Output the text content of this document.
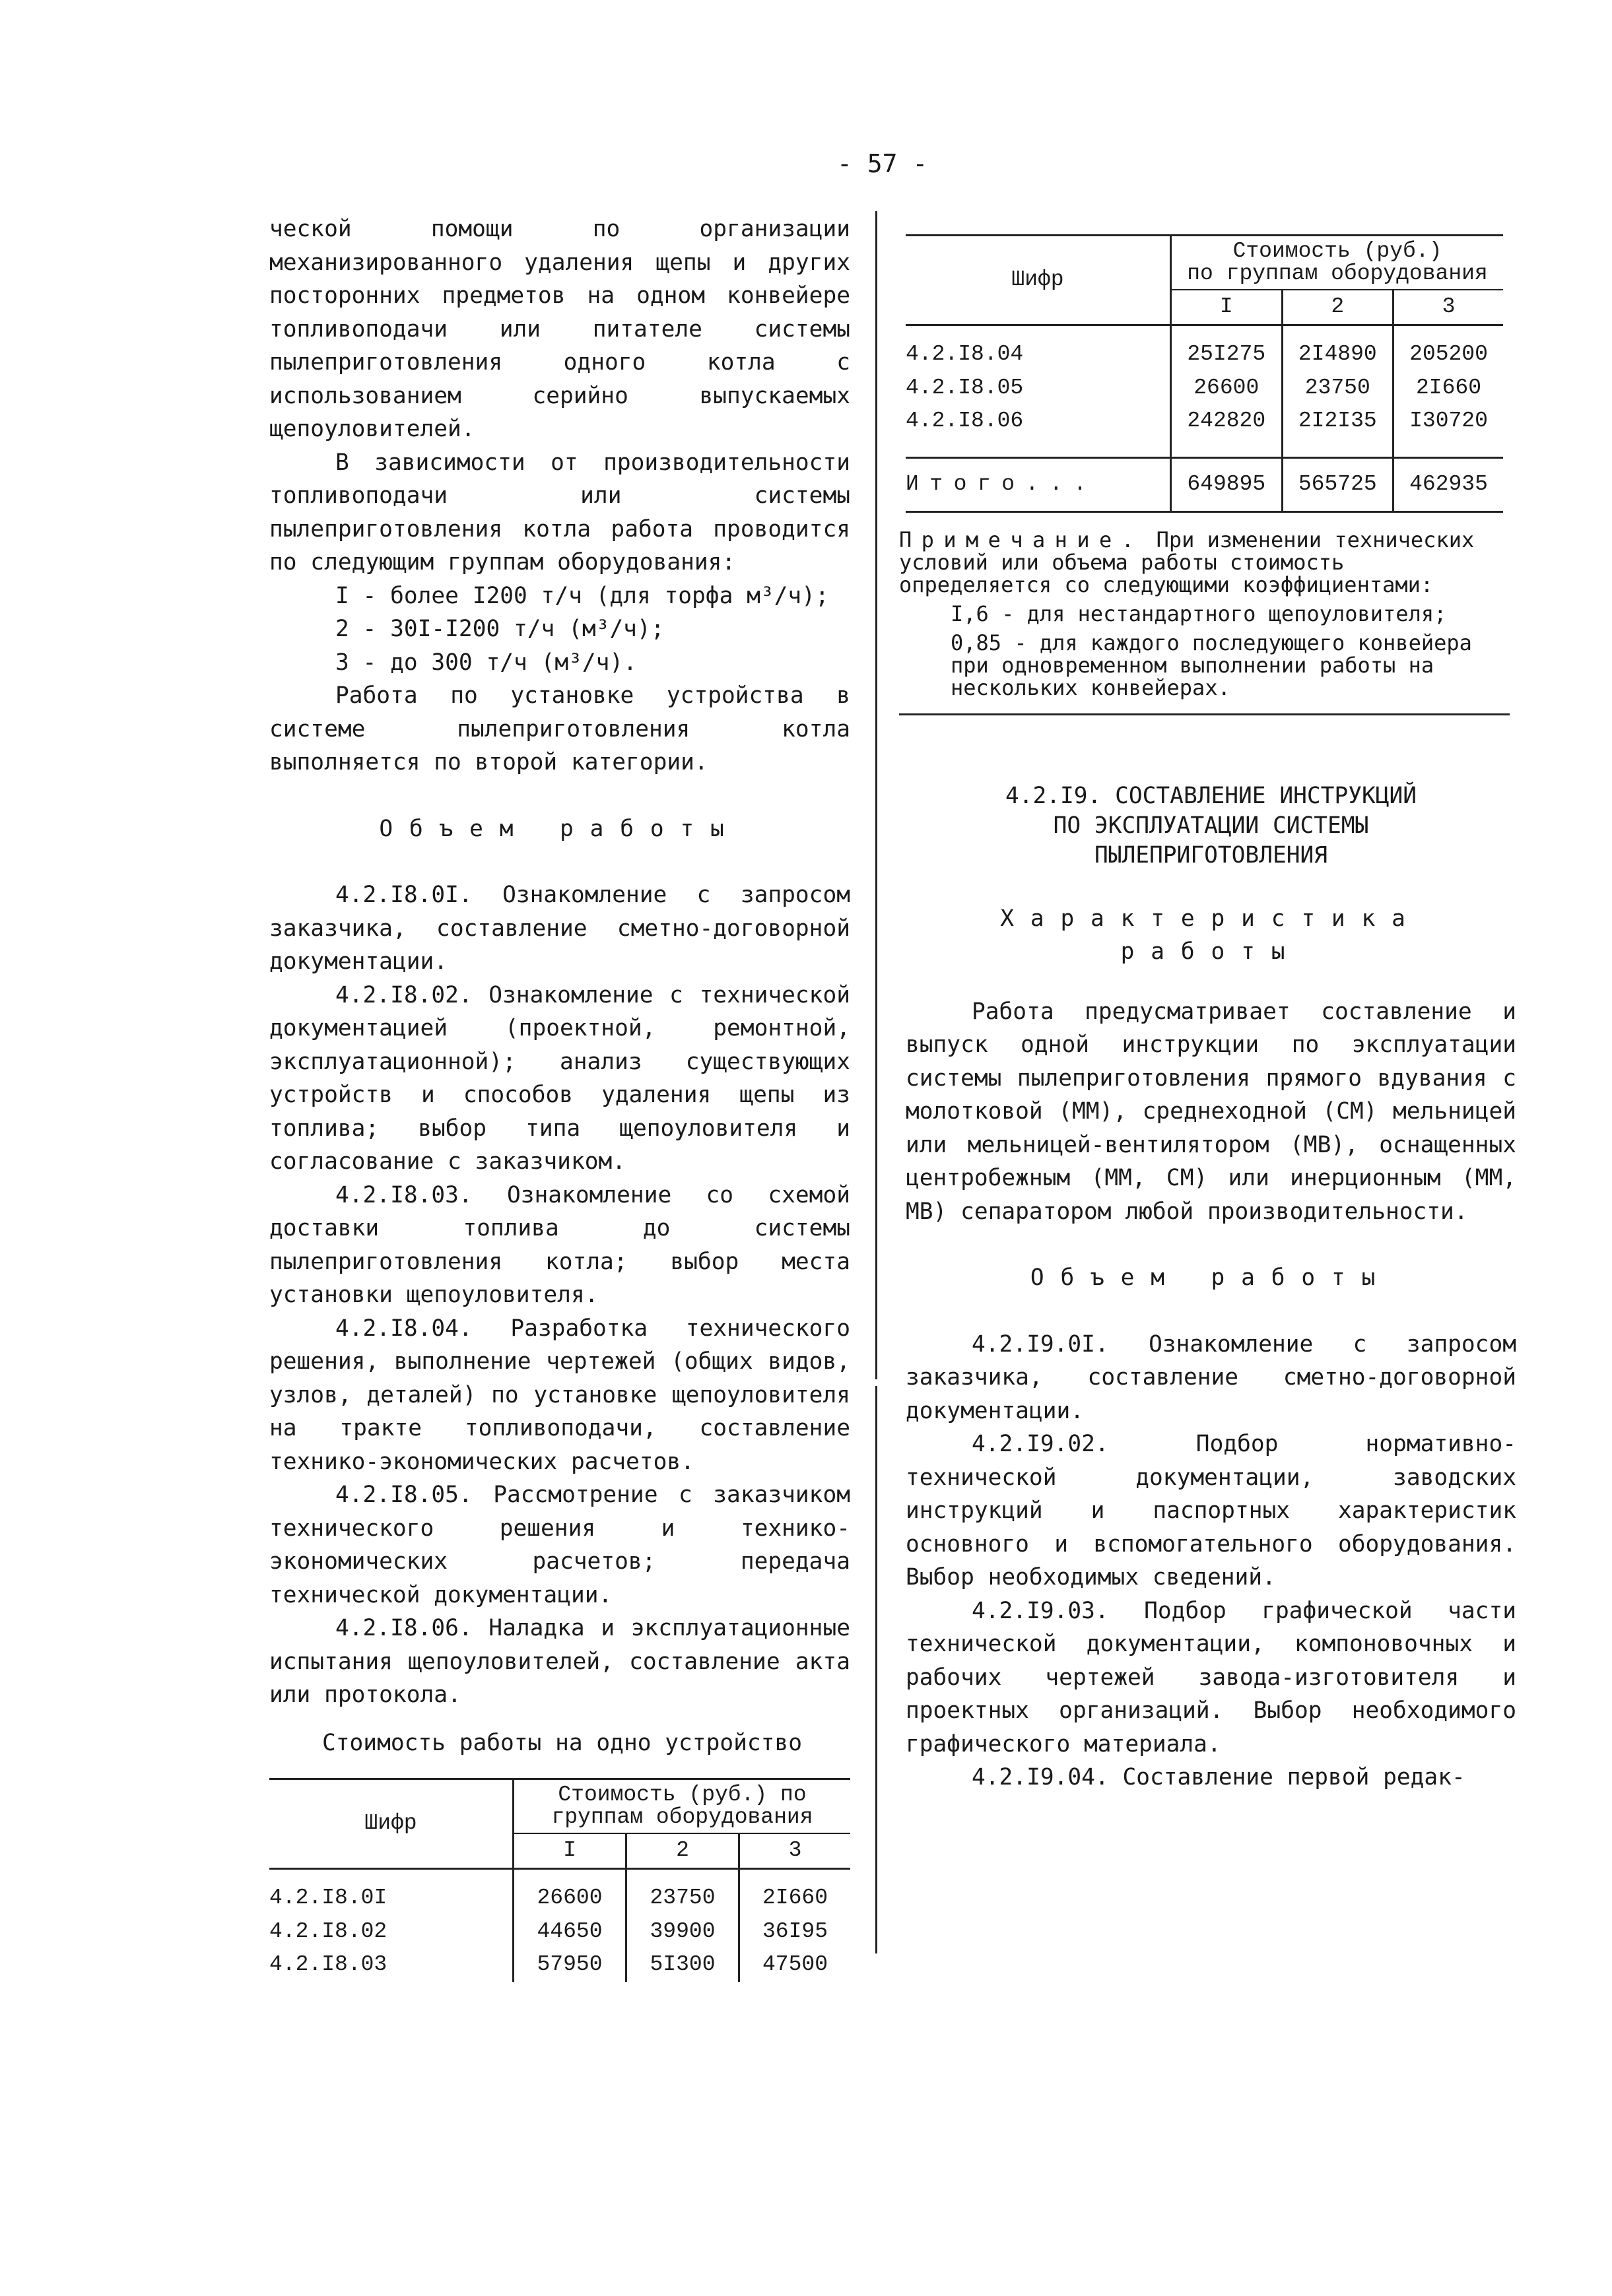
- 57 -

ческой помощи по организации механизированного удаления щепы и других посторонних предметов на одном конвейере топливоподачи или питателе системы пылеприготовления одного котла с использованием серийно выпускаемых щепоуловителей.

В зависимости от производительности топливоподачи или системы пылеприготовления котла работа проводится по следующим группам оборудования:

I - более I200 т/ч (для торфа м³/ч);

2 - 30I-I200 т/ч (м³/ч);

3 - до 300 т/ч (м³/ч).

Работа по установке устройства в системе пылеприготовления котла выполняется по второй категории.

Объем работы

4.2.I8.0I. Ознакомление с запросом заказчика, составление сметно-договорной документации.

4.2.I8.02. Ознакомление с технической документацией (проектной, ремонтной, эксплуатационной); анализ существующих устройств и способов удаления щепы из топлива; выбор типа щепоуловителя и согласование с заказчиком.

4.2.I8.03. Ознакомление со схемой доставки топлива до системы пылеприготовления котла; выбор места установки щепоуловителя.

4.2.I8.04. Разработка технического решения, выполнение чертежей (общих видов, узлов, деталей) по установке щепоуловителя на тракте топливоподачи, составление технико-экономических расчетов.

4.2.I8.05. Рассмотрение с заказчиком технического решения и технико-экономических расчетов; передача технической документации.

4.2.I8.06. Наладка и эксплуатационные испытания щепоуловителей, составление акта или протокола.

Стоимость работы на одно устройство

Шифр	Стоимость (руб.) по группам оборудования		
	I	2	3

4.2.I8.0I	26600	23750	2I660
4.2.I8.02	44650	39900	36I95
4.2.I8.03	57950	5I300	47500
Шифр	Стоимость (руб.)
по группам оборудования		

	I	2	3

4.2.I8.04	25I275	2I4890	205200
4.2.I8.05	26600	23750	2I660
4.2.I8.06	242820	2I2I35	I30720

Итого...	649895	565725	462935

Примечание. При изменении технических условий или объема работы стоимость определяется со следующими коэффициентами:

I,6 - для нестандартного щепоуловителя;

0,85 - для каждого последующего конвейера при одновременном выполнении работы на нескольких конвейерах.

4.2.I9. СОСТАВЛЕНИЕ ИНСТРУКЦИЙ

ПО ЭКСПЛУАТАЦИИ СИСТЕМЫ

ПЫЛЕПРИГОТОВЛЕНИЯ

Характеристика

работы

Работа предусматривает составление и выпуск одной инструкции по эксплуатации системы пылеприготовления прямого вдувания с молотковой (ММ), среднеходной (СМ) мельницей или мельницей-вентилятором (МВ), оснащенных центробежным (ММ, СМ) или инерционным (ММ, МВ) сепаратором любой производительности.

Объем работы

4.2.I9.0I. Ознакомление с запросом заказчика, составление сметно-договорной документации.

4.2.I9.02. Подбор нормативно-технической документации, заводских инструкций и паспортных характеристик основного и вспомогательного оборудования. Выбор необходимых сведений.

4.2.I9.03. Подбор графической части технической документации, компоновочных и рабочих чертежей завода-изготовителя и проектных организаций. Выбор необходимого графического материала.

4.2.I9.04. Составление первой редак-
